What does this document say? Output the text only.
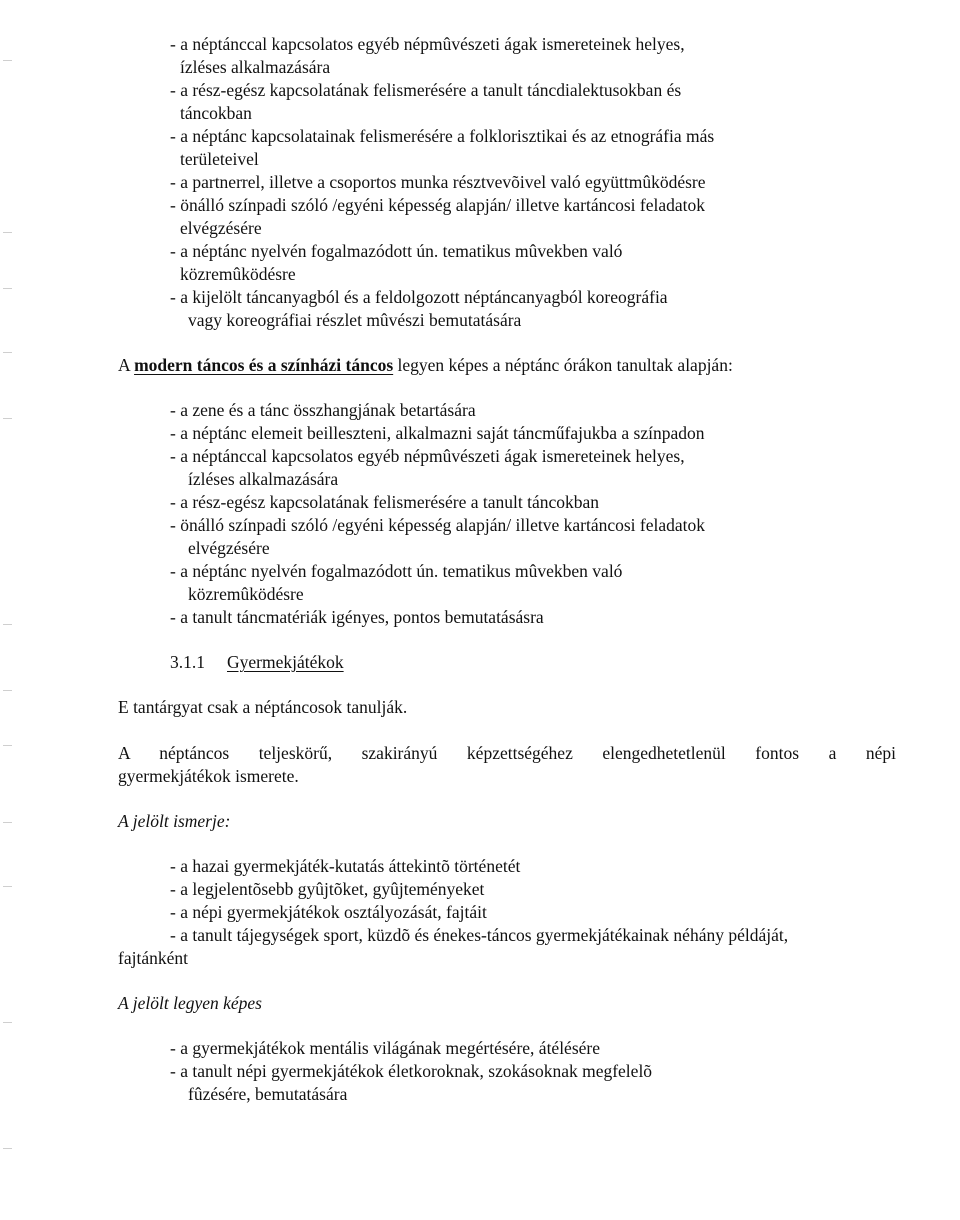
- a néptánccal kapcsolatos egyéb népmûvészeti ágak ismereteinek helyes,
ízléses alkalmazására
- a rész-egész kapcsolatának felismerésére a tanult táncdialektusokban és
táncokban
- a néptánc kapcsolatainak felismerésére a folklorisztikai és az etnográfia más
területeivel
- a partnerrel, illetve a csoportos munka résztvevõivel való együttmûködésre
- önálló színpadi szóló /egyéni képesség alapján/ illetve kartáncosi feladatok
elvégzésére
- a néptánc nyelvén fogalmazódott ún. tematikus mûvekben való
közremûködésre
- a kijelölt táncanyagból és a feldolgozott néptáncanyagból koreográfia
vagy koreográfiai részlet mûvészi bemutatására
A modern táncos és a színházi táncos legyen képes a néptánc órákon tanultak alapján:
- a zene és a tánc összhangjának betartására
- a néptánc elemeit beilleszteni, alkalmazni saját táncműfajukba a színpadon
- a néptánccal kapcsolatos egyéb népmûvészeti ágak ismereteinek helyes,
ízléses alkalmazására
- a rész-egész kapcsolatának felismerésére a tanult táncokban
- önálló színpadi szóló /egyéni képesség alapján/ illetve kartáncosi feladatok
elvégzésére
- a néptánc nyelvén fogalmazódott ún. tematikus mûvekben való
közremûködésre
- a tanult táncmatériák igényes, pontos bemutatásásra
3.1.1 Gyermekjátékok
E tantárgyat csak a néptáncosok tanulják.
A néptáncos teljeskörű, szakirányú képzettségéhez elengedhetetlenül fontos a népi
gyermekjátékok ismerete.
A jelölt ismerje:
- a hazai gyermekjáték-kutatás áttekintõ történetét
- a legjelentõsebb gyûjtõket, gyûjteményeket
- a népi gyermekjátékok osztályozását, fajtáit
- a tanult tájegységek sport, küzdõ és énekes-táncos gyermekjátékainak néhány példáját,
fajtánként
A jelölt legyen képes
- a gyermekjátékok mentális világának megértésére, átélésére
- a tanult népi gyermekjátékok életkoroknak, szokásoknak megfelelõ
fûzésére, bemutatására
